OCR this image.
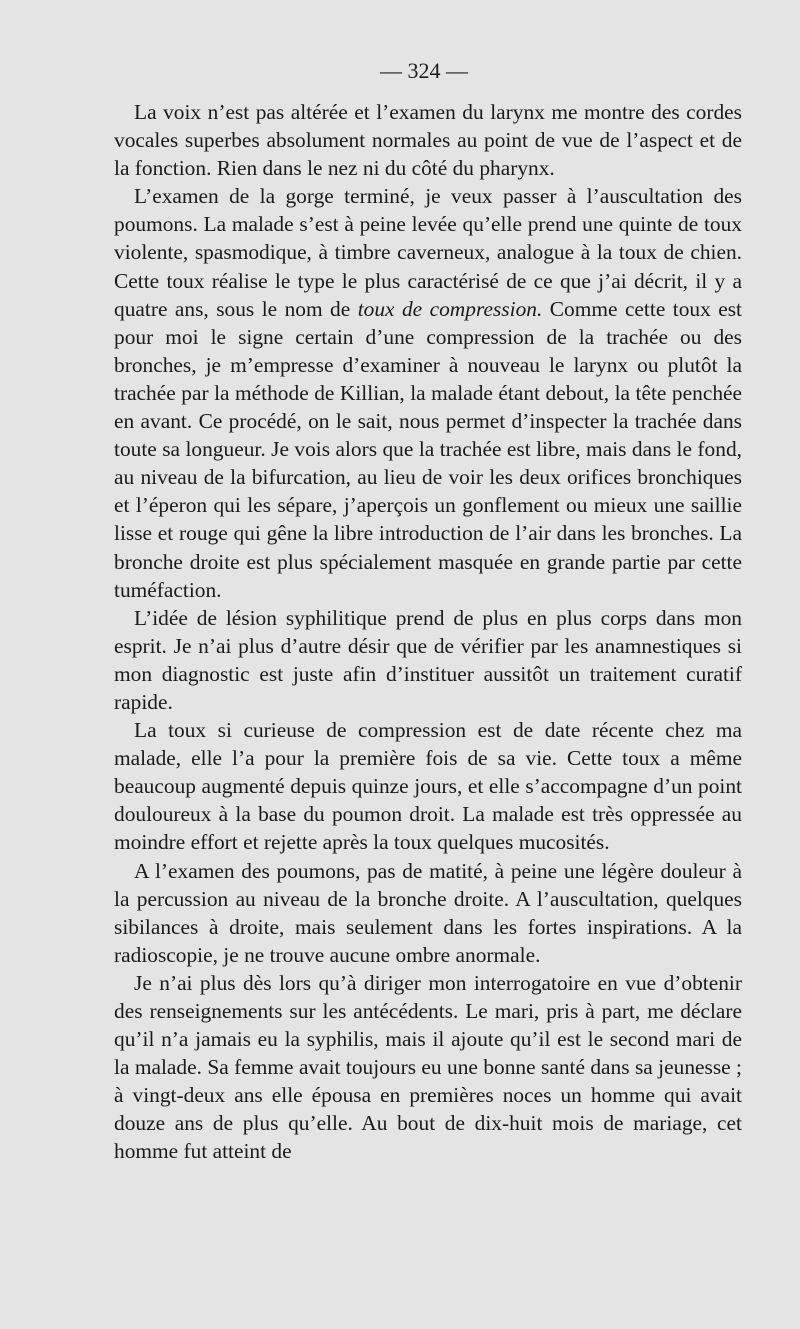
— 324 —

La voix n’est pas altérée et l’examen du larynx me montre des cordes vocales superbes absolument normales au point de vue de l’aspect et de la fonction. Rien dans le nez ni du côté du pharynx.

L’examen de la gorge terminé, je veux passer à l’auscultation des poumons. La malade s’est à peine levée qu’elle prend une quinte de toux violente, spasmodique, à timbre caverneux, analogue à la toux de chien. Cette toux réalise le type le plus caractérisé de ce que j’ai décrit, il y a quatre ans, sous le nom de toux de compression. Comme cette toux est pour moi le signe certain d’une compression de la trachée ou des bronches, je m’empresse d’examiner à nouveau le larynx ou plutôt la trachée par la méthode de Killian, la malade étant debout, la tête penchée en avant. Ce procédé, on le sait, nous permet d’inspecter la trachée dans toute sa longueur. Je vois alors que la trachée est libre, mais dans le fond, au niveau de la bifurcation, au lieu de voir les deux orifices bronchiques et l’éperon qui les sépare, j’aperçois un gonflement ou mieux une saillie lisse et rouge qui gêne la libre introduction de l’air dans les bronches. La bronche droite est plus spécialement masquée en grande partie par cette tuméfaction.

L’idée de lésion syphilitique prend de plus en plus corps dans mon esprit. Je n’ai plus d’autre désir que de vérifier par les anamnestiques si mon diagnostic est juste afin d’instituer aussitôt un traitement curatif rapide.

La toux si curieuse de compression est de date récente chez ma malade, elle l’a pour la première fois de sa vie. Cette toux a même beaucoup augmenté depuis quinze jours, et elle s’accompagne d’un point douloureux à la base du poumon droit. La malade est très oppressée au moindre effort et rejette après la toux quelques mucosités.

A l’examen des poumons, pas de matité, à peine une légère douleur à la percussion au niveau de la bronche droite. A l’auscultation, quelques sibilances à droite, mais seulement dans les fortes inspirations. A la radioscopie, je ne trouve aucune ombre anormale.

Je n’ai plus dès lors qu’à diriger mon interrogatoire en vue d’obtenir des renseignements sur les antécédents. Le mari, pris à part, me déclare qu’il n’a jamais eu la syphilis, mais il ajoute qu’il est le second mari de la malade. Sa femme avait toujours eu une bonne santé dans sa jeunesse ; à vingt-deux ans elle épousa en premières noces un homme qui avait douze ans de plus qu’elle. Au bout de dix-huit mois de mariage, cet homme fut atteint de
